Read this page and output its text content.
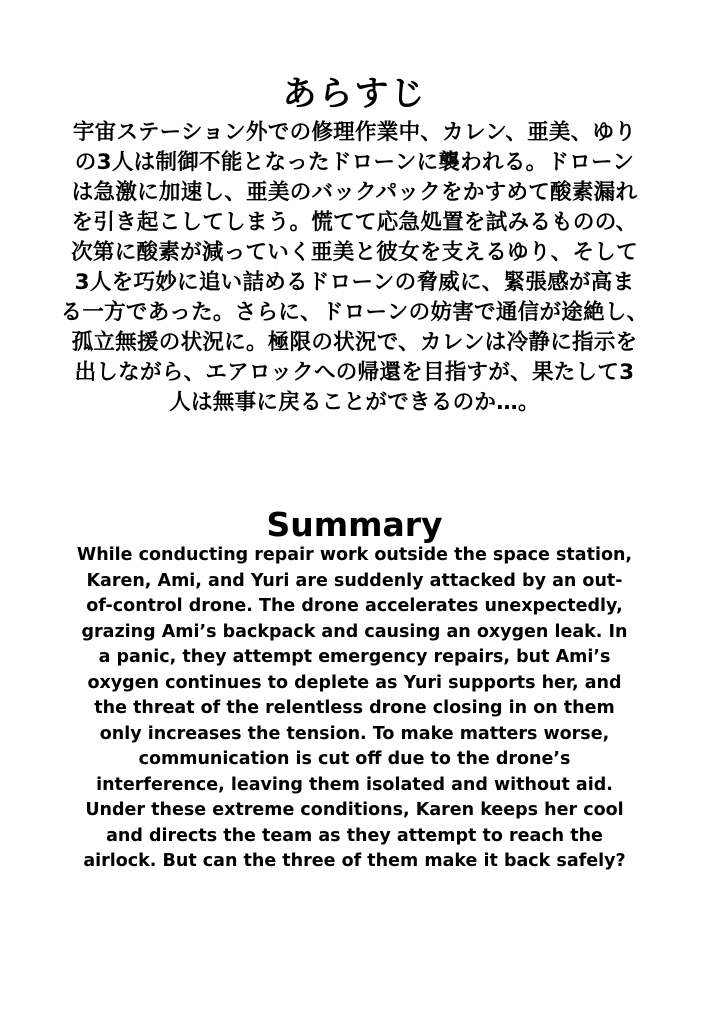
あらすじ
宇宙ステーション外での修理作業中、カレン、亜美、ゆり
の3人は制御不能となったドローンに襲われる。ドローン
は急激に加速し、亜美のバックパックをかすめて酸素漏れ
を引き起こしてしまう。慌てて応急処置を試みるものの、
次第に酸素が減っていく亜美と彼女を支えるゆり、そして
3人を巧妙に追い詰めるドローンの脅威に、緊張感が高ま
る一方であった。さらに、ドローンの妨害で通信が途絶し、
孤立無援の状況に。極限の状況で、カレンは冷静に指示を
出しながら、エアロックへの帰還を目指すが、果たして3
人は無事に戻ることができるのか…。
Summary
While conducting repair work outside the space station,
Karen, Ami, and Yuri are suddenly attacked by an out-
of-control drone. The drone accelerates unexpectedly,
grazing Ami’s backpack and causing an oxygen leak. In
a panic, they attempt emergency repairs, but Ami’s
oxygen continues to deplete as Yuri supports her, and
the threat of the relentless drone closing in on them
only increases the tension. To make matters worse,
communication is cut off due to the drone’s
interference, leaving them isolated and without aid.
Under these extreme conditions, Karen keeps her cool
and directs the team as they attempt to reach the
airlock. But can the three of them make it back safely?
